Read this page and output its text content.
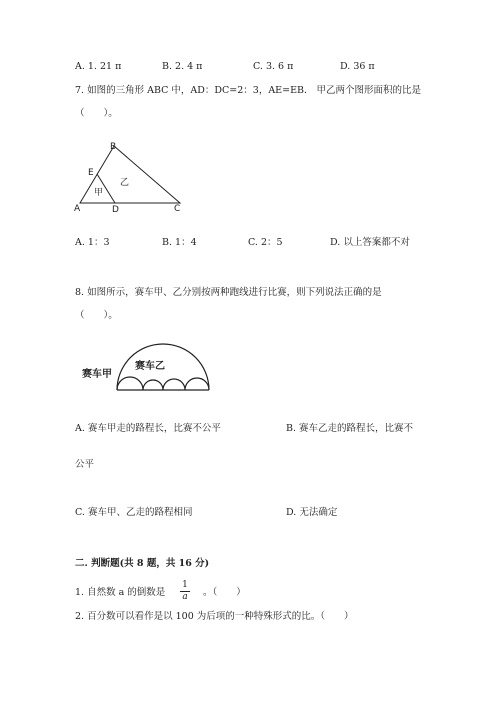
A. 1. 21 π	B. 2. 4 π	C. 3. 6 π	D. 36 π
7. 如图的三角形 ABC 中，AD：DC=2：3，AE=EB． 甲乙两个图形面积的比是
（　　）。
B
E
A	D	C
甲
乙
A. 1：3	B. 1：4	C. 2：5	D. 以上答案都不对
8. 如图所示，赛车甲、乙分别按两种跑线进行比赛，则下列说法正确的是
（　　）。
赛车甲
赛车乙
A. 赛车甲走的路程长，比赛不公平	B. 赛车乙走的路程长，比赛不
公平
C. 赛车甲、乙走的路程相同	D. 无法确定
二. 判断题(共 8 题，共 16 分)
1. 自然数 a 的倒数是
1
a 。（　　）
2. 百分数可以看作是以 100 为后项的一种特殊形式的比。（　　）
